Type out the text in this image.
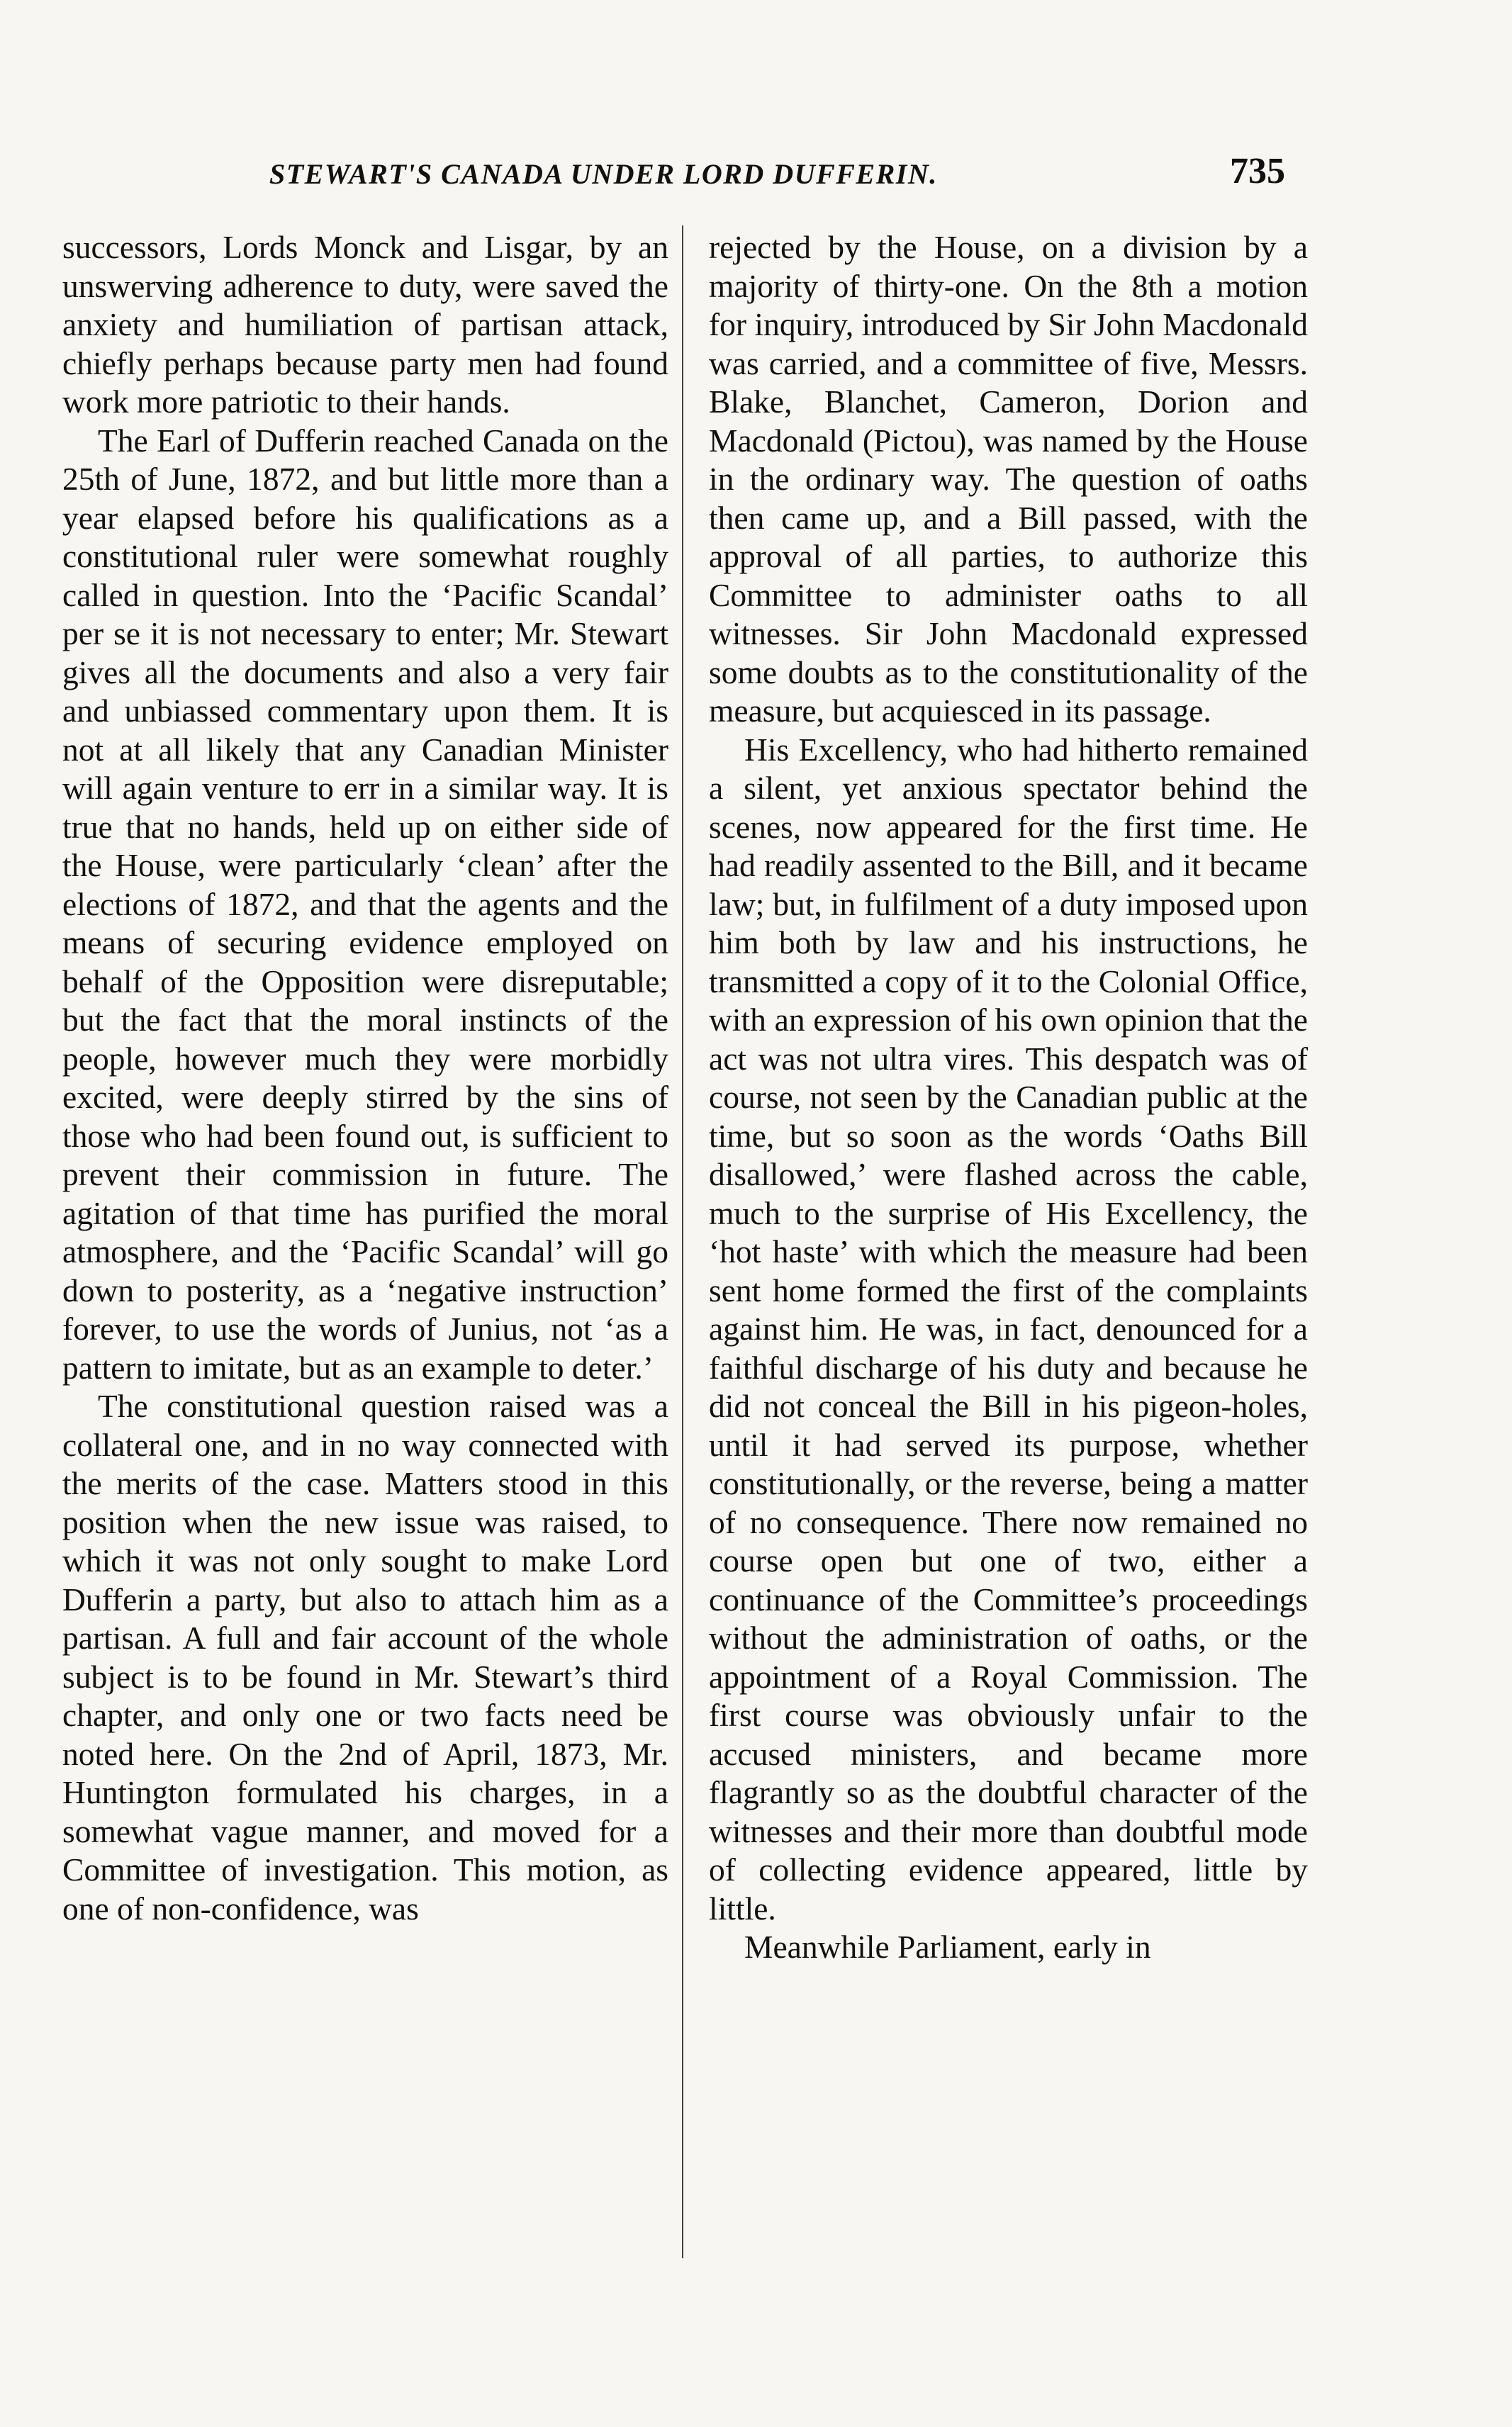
STEWART'S CANADA UNDER LORD DUFFERIN.	735

successors, Lords Monck and Lisgar, by an unswerving adherence to duty, were saved the anxiety and humiliation of partisan attack, chiefly perhaps because party men had found work more patriotic to their hands.

The Earl of Dufferin reached Canada on the 25th of June, 1872, and but little more than a year elapsed before his qualifications as a constitutional ruler were somewhat roughly called in question. Into the ‘Pacific Scandal’ per se it is not necessary to enter; Mr. Stewart gives all the documents and also a very fair and unbiassed commentary upon them. It is not at all likely that any Canadian Minister will again venture to err in a similar way. It is true that no hands, held up on either side of the House, were particularly ‘clean’ after the elections of 1872, and that the agents and the means of securing evidence employed on behalf of the Opposition were disreputable; but the fact that the moral instincts of the people, however much they were morbidly excited, were deeply stirred by the sins of those who had been found out, is sufficient to prevent their commission in future. The agitation of that time has purified the moral atmosphere, and the ‘Pacific Scandal’ will go down to posterity, as a ‘negative instruction’ forever, to use the words of Junius, not ‘as a pattern to imitate, but as an example to deter.’

The constitutional question raised was a collateral one, and in no way connected with the merits of the case. Matters stood in this position when the new issue was raised, to which it was not only sought to make Lord Dufferin a party, but also to attach him as a partisan. A full and fair account of the whole subject is to be found in Mr. Stewart’s third chapter, and only one or two facts need be noted here. On the 2nd of April, 1873, Mr. Huntington formulated his charges, in a somewhat vague manner, and moved for a Committee of investigation. This motion, as one of non-confidence, was

rejected by the House, on a division by a majority of thirty-one. On the 8th a motion for inquiry, introduced by Sir John Macdonald was carried, and a committee of five, Messrs. Blake, Blanchet, Cameron, Dorion and Macdonald (Pictou), was named by the House in the ordinary way. The question of oaths then came up, and a Bill passed, with the approval of all parties, to authorize this Committee to administer oaths to all witnesses. Sir John Macdonald expressed some doubts as to the constitutionality of the measure, but acquiesced in its passage.

His Excellency, who had hitherto remained a silent, yet anxious spectator behind the scenes, now appeared for the first time. He had readily assented to the Bill, and it became law; but, in fulfilment of a duty imposed upon him both by law and his instructions, he transmitted a copy of it to the Colonial Office, with an expression of his own opinion that the act was not ultra vires. This despatch was of course, not seen by the Canadian public at the time, but so soon as the words ‘Oaths Bill disallowed,’ were flashed across the cable, much to the surprise of His Excellency, the ‘hot haste’ with which the measure had been sent home formed the first of the complaints against him. He was, in fact, denounced for a faithful discharge of his duty and because he did not conceal the Bill in his pigeon-holes, until it had served its purpose, whether constitutionally, or the reverse, being a matter of no consequence. There now remained no course open but one of two, either a continuance of the Committee’s proceedings without the administration of oaths, or the appointment of a Royal Commission. The first course was obviously unfair to the accused ministers, and became more flagrantly so as the doubtful character of the witnesses and their more than doubtful mode of collecting evidence appeared, little by little.

Meanwhile Parliament, early in
